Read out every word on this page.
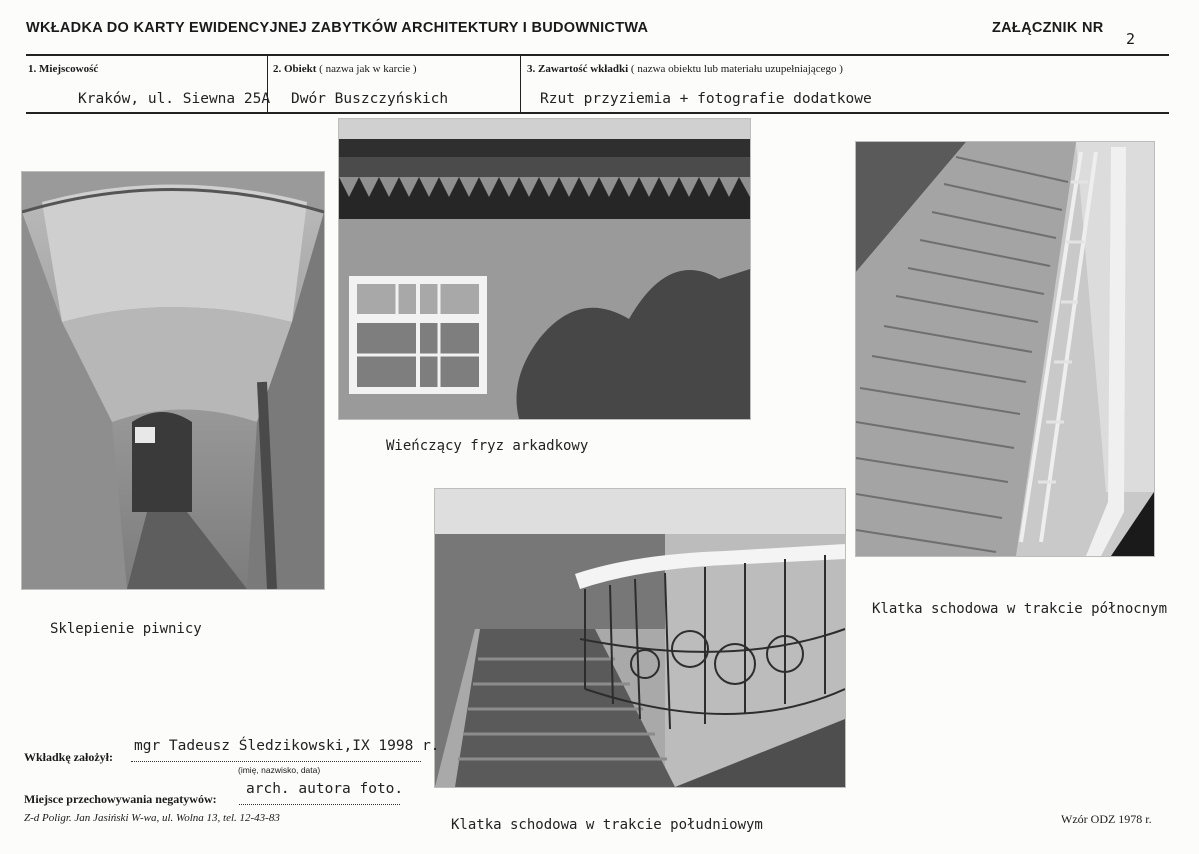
WKŁADKA DO KARTY EWIDENCYJNEJ ZABYTKÓW ARCHITEKTURY I BUDOWNICTWA	ZAŁĄCZNIK NR
2
1. Miejscowość
Kraków, ul. Siewna 25A
2. Obiekt ( nazwa jak w karcie )
Dwór Buszczyńskich
3. Zawartość wkładki ( nazwa obiektu lub materiału uzupełniającego )
Rzut przyziemia + fotografie dodatkowe
Sklepienie piwnicy
Wieńczący fryz arkadkowy
Klatka schodowa w trakcie północnym
Klatka schodowa w trakcie południowym
Wkładkę założył:
mgr Tadeusz Śledzikowski,IX 1998 r.
(imię, nazwisko, data)
Miejsce przechowywania negatywów:
arch. autora foto.
Z-d Poligr. Jan Jasiński W-wa, ul. Wolna 13, tel. 12-43-83	Wzór ODZ 1978 r.
